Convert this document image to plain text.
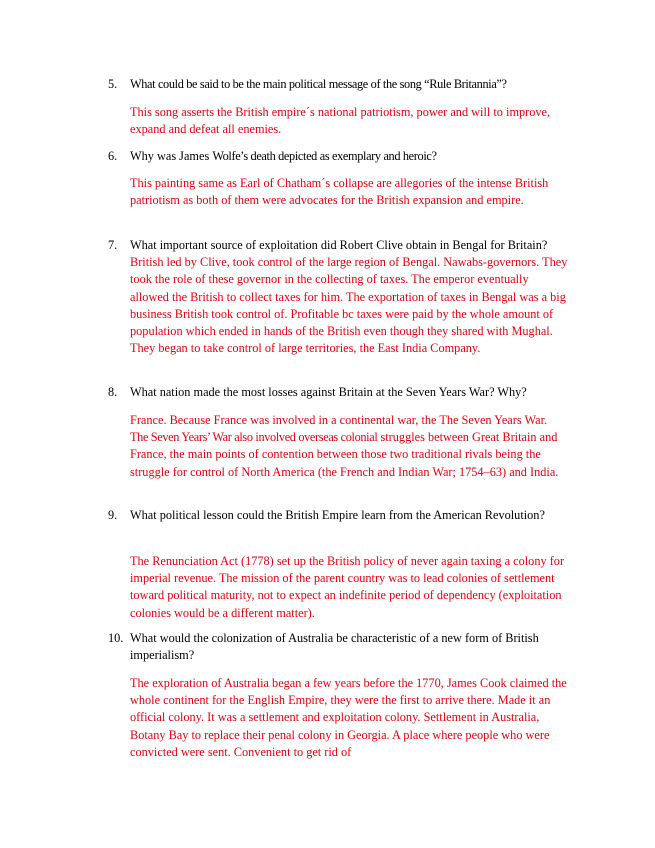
5.	What could be said to be the main political message of the song “Rule Britannia”?

This song asserts the British empire´s national patriotism, power and will to improve, expand and defeat all enemies.

6.	Why was James Wolfe’s death depicted as exemplary and heroic?

This painting same as Earl of Chatham´s collapse are allegories of the intense British patriotism as both of them were advocates for the British expansion and empire.

7.	What important source of exploitation did Robert Clive obtain in Bengal for Britain? British led by Clive, took control of the large region of Bengal. Nawabs-governors. They took the role of these governor in the collecting of taxes. The emperor eventually allowed the British to collect taxes for him. The exportation of taxes in Bengal was a big business British took control of. Profitable bc taxes were paid by the whole amount of population which ended in hands of the British even though they shared with Mughal. They began to take control of large territories, the East India Company.

8.	What nation made the most losses against Britain at the Seven Years War? Why?

France. Because France was involved in a continental war, the The Seven Years War. The Seven Years’ War also involved overseas colonial struggles between Great Britain and France, the main points of contention between those two traditional rivals being the struggle for control of North America (the French and Indian War; 1754–63) and India.

9.	What political lesson could the British Empire learn from the American Revolution?

The Renunciation Act (1778) set up the British policy of never again taxing a colony for imperial revenue. The mission of the parent country was to lead colonies of settlement toward political maturity, not to expect an indefinite period of dependency (exploitation colonies would be a different matter).

10. What would the colonization of Australia be characteristic of a new form of British imperialism?

The exploration of Australia began a few years before the 1770, James Cook claimed the whole continent for the English Empire, they were the first to arrive there. Made it an official colony. It was a settlement and exploitation colony. Settlement in Australia, Botany Bay to replace their penal colony in Georgia. A place where people who were convicted were sent. Convenient to get rid of
